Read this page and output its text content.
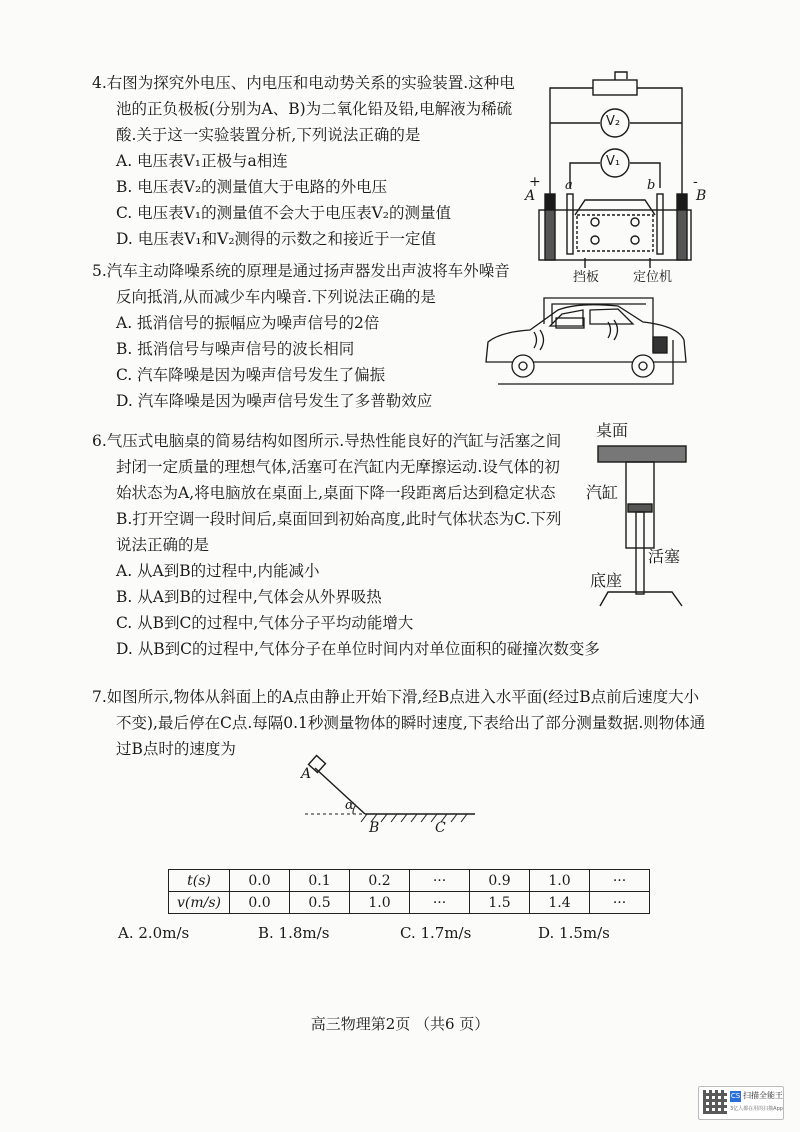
4.右图为探究外电压、内电压和电动势关系的实验装置.这种电
池的正负极板(分别为A、B)为二氧化铅及铅,电解液为稀硫
酸.关于这一实验装置分析,下列说法正确的是
A. 电压表V₁正极与a相连
B. 电压表V₂的测量值大于电路的外电压
C. 电压表V₁的测量值不会大于电压表V₂的测量值
D. 电压表V₁和V₂测得的示数之和接近于一定值
V₂
V₁
+	-
A	B
a	b
挡板	定位机
5.汽车主动降噪系统的原理是通过扬声器发出声波将车外噪音
反向抵消,从而减少车内噪音.下列说法正确的是
A. 抵消信号的振幅应为噪声信号的2倍
B. 抵消信号与噪声信号的波长相同
C. 汽车降噪是因为噪声信号发生了偏振
D. 汽车降噪是因为噪声信号发生了多普勒效应
6.气压式电脑桌的简易结构如图所示.导热性能良好的汽缸与活塞之间
封闭一定质量的理想气体,活塞可在汽缸内无摩擦运动.设气体的初
始状态为A,将电脑放在桌面上,桌面下降一段距离后达到稳定状态
B.打开空调一段时间后,桌面回到初始高度,此时气体状态为C.下列
说法正确的是
A. 从A到B的过程中,内能减小
B. 从A到B的过程中,气体会从外界吸热
C. 从B到C的过程中,气体分子平均动能增大
D. 从B到C的过程中,气体分子在单位时间内对单位面积的碰撞次数变多
桌面
汽缸
活塞
底座
7.如图所示,物体从斜面上的A点由静止开始下滑,经B点进入水平面(经过B点前后速度大小
不变),最后停在C点.每隔0.1秒测量物体的瞬时速度,下表给出了部分测量数据.则物体通
过B点时的速度为
A
α
B	C
t(s)	0.0	0.1	0.2	···	0.9	1.0	···
v(m/s)	0.0	0.5	1.0	···	1.5	1.4	···
A. 2.0m/s	B. 1.8m/s	C. 1.7m/s	D. 1.5m/s
高三物理第2页 （共6 页）
CS 扫描全能王
3亿人都在用的扫描App
